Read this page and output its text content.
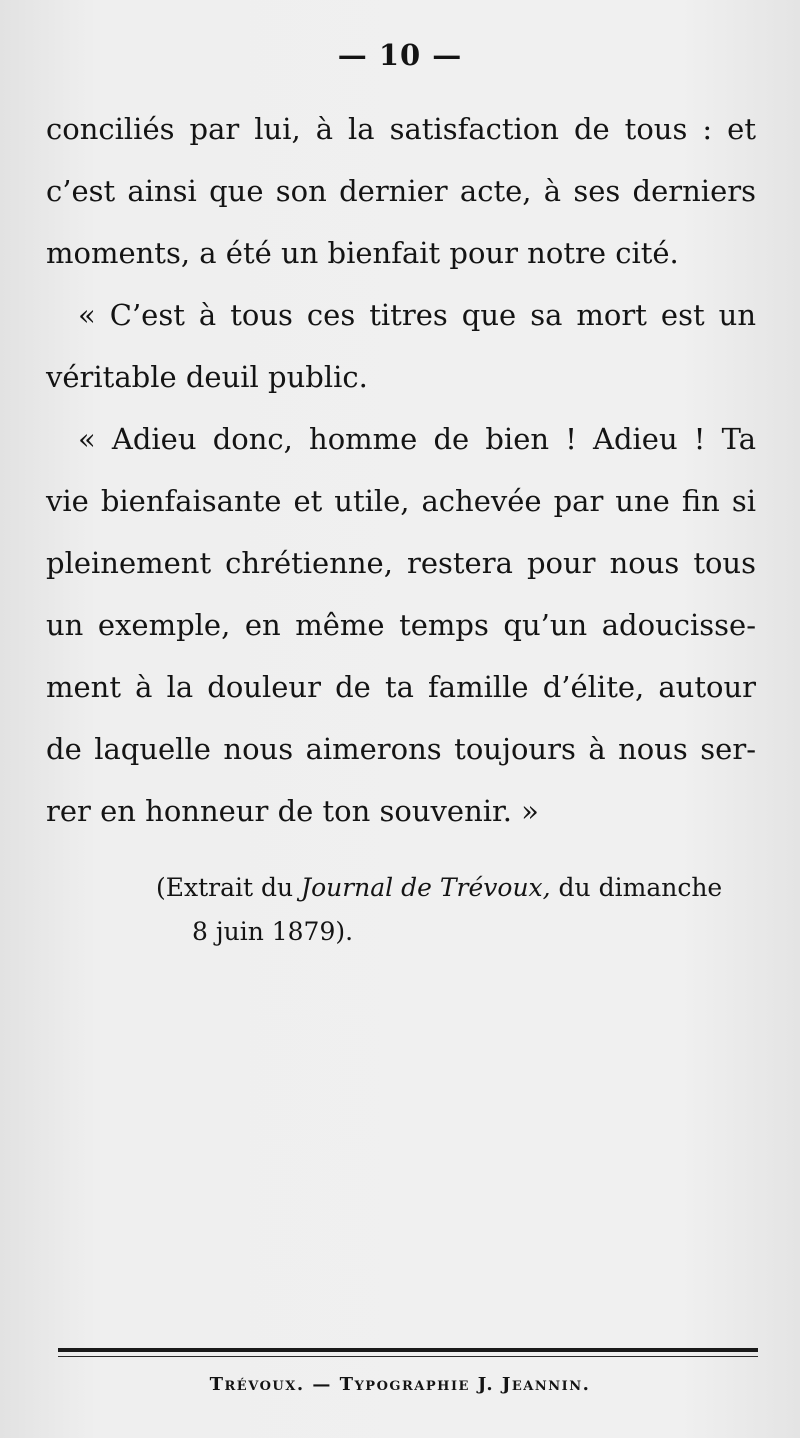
— 10 —
conciliés par lui, à la satisfaction de tous : et
c’est ainsi que son dernier acte, à ses derniers
moments, a été un bienfait pour notre cité.
« C’est à tous ces titres que sa mort est un
véritable deuil public.
« Adieu donc, homme de bien ! Adieu ! Ta
vie bienfaisante et utile, achevée par une fin si
pleinement chrétienne, restera pour nous tous
un exemple, en même temps qu’un adoucisse-
ment à la douleur de ta famille d’élite, autour
de laquelle nous aimerons toujours à nous ser-
rer en honneur de ton souvenir. »
(Extrait du Journal de Trévoux, du dimanche
8 juin 1879).
Trévoux. — Typographie J. Jeannin.
